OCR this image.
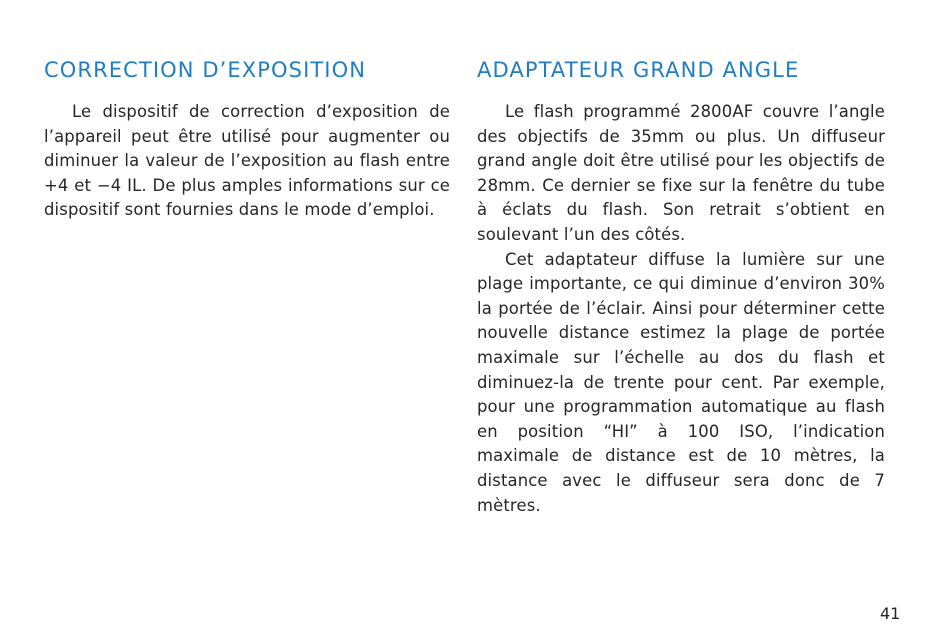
CORRECTION D’EXPOSITION

Le dispositif de correction d’exposition de l’appareil peut être utilisé pour augmenter ou diminuer la valeur de l’exposition au flash entre +4 et −4 IL. De plus amples informations sur ce dispositif sont fournies dans le mode d’emploi.

ADAPTATEUR GRAND ANGLE

Le flash programmé 2800AF couvre l’angle des objectifs de 35mm ou plus. Un diffuseur grand angle doit être utilisé pour les objectifs de 28mm. Ce dernier se fixe sur la fenêtre du tube à éclats du flash. Son retrait s’obtient en soulevant l’un des côtés.

Cet adaptateur diffuse la lumière sur une plage importante, ce qui diminue d’environ 30% la portée de l’éclair. Ainsi pour déterminer cette nouvelle distance estimez la plage de portée maximale sur l’échelle au dos du flash et diminuez-la de trente pour cent. Par exemple, pour une programmation automatique au flash en position “HI” à 100 ISO, l’indication maximale de distance est de 10 mètres, la distance avec le diffuseur sera donc de 7 mètres.

41
